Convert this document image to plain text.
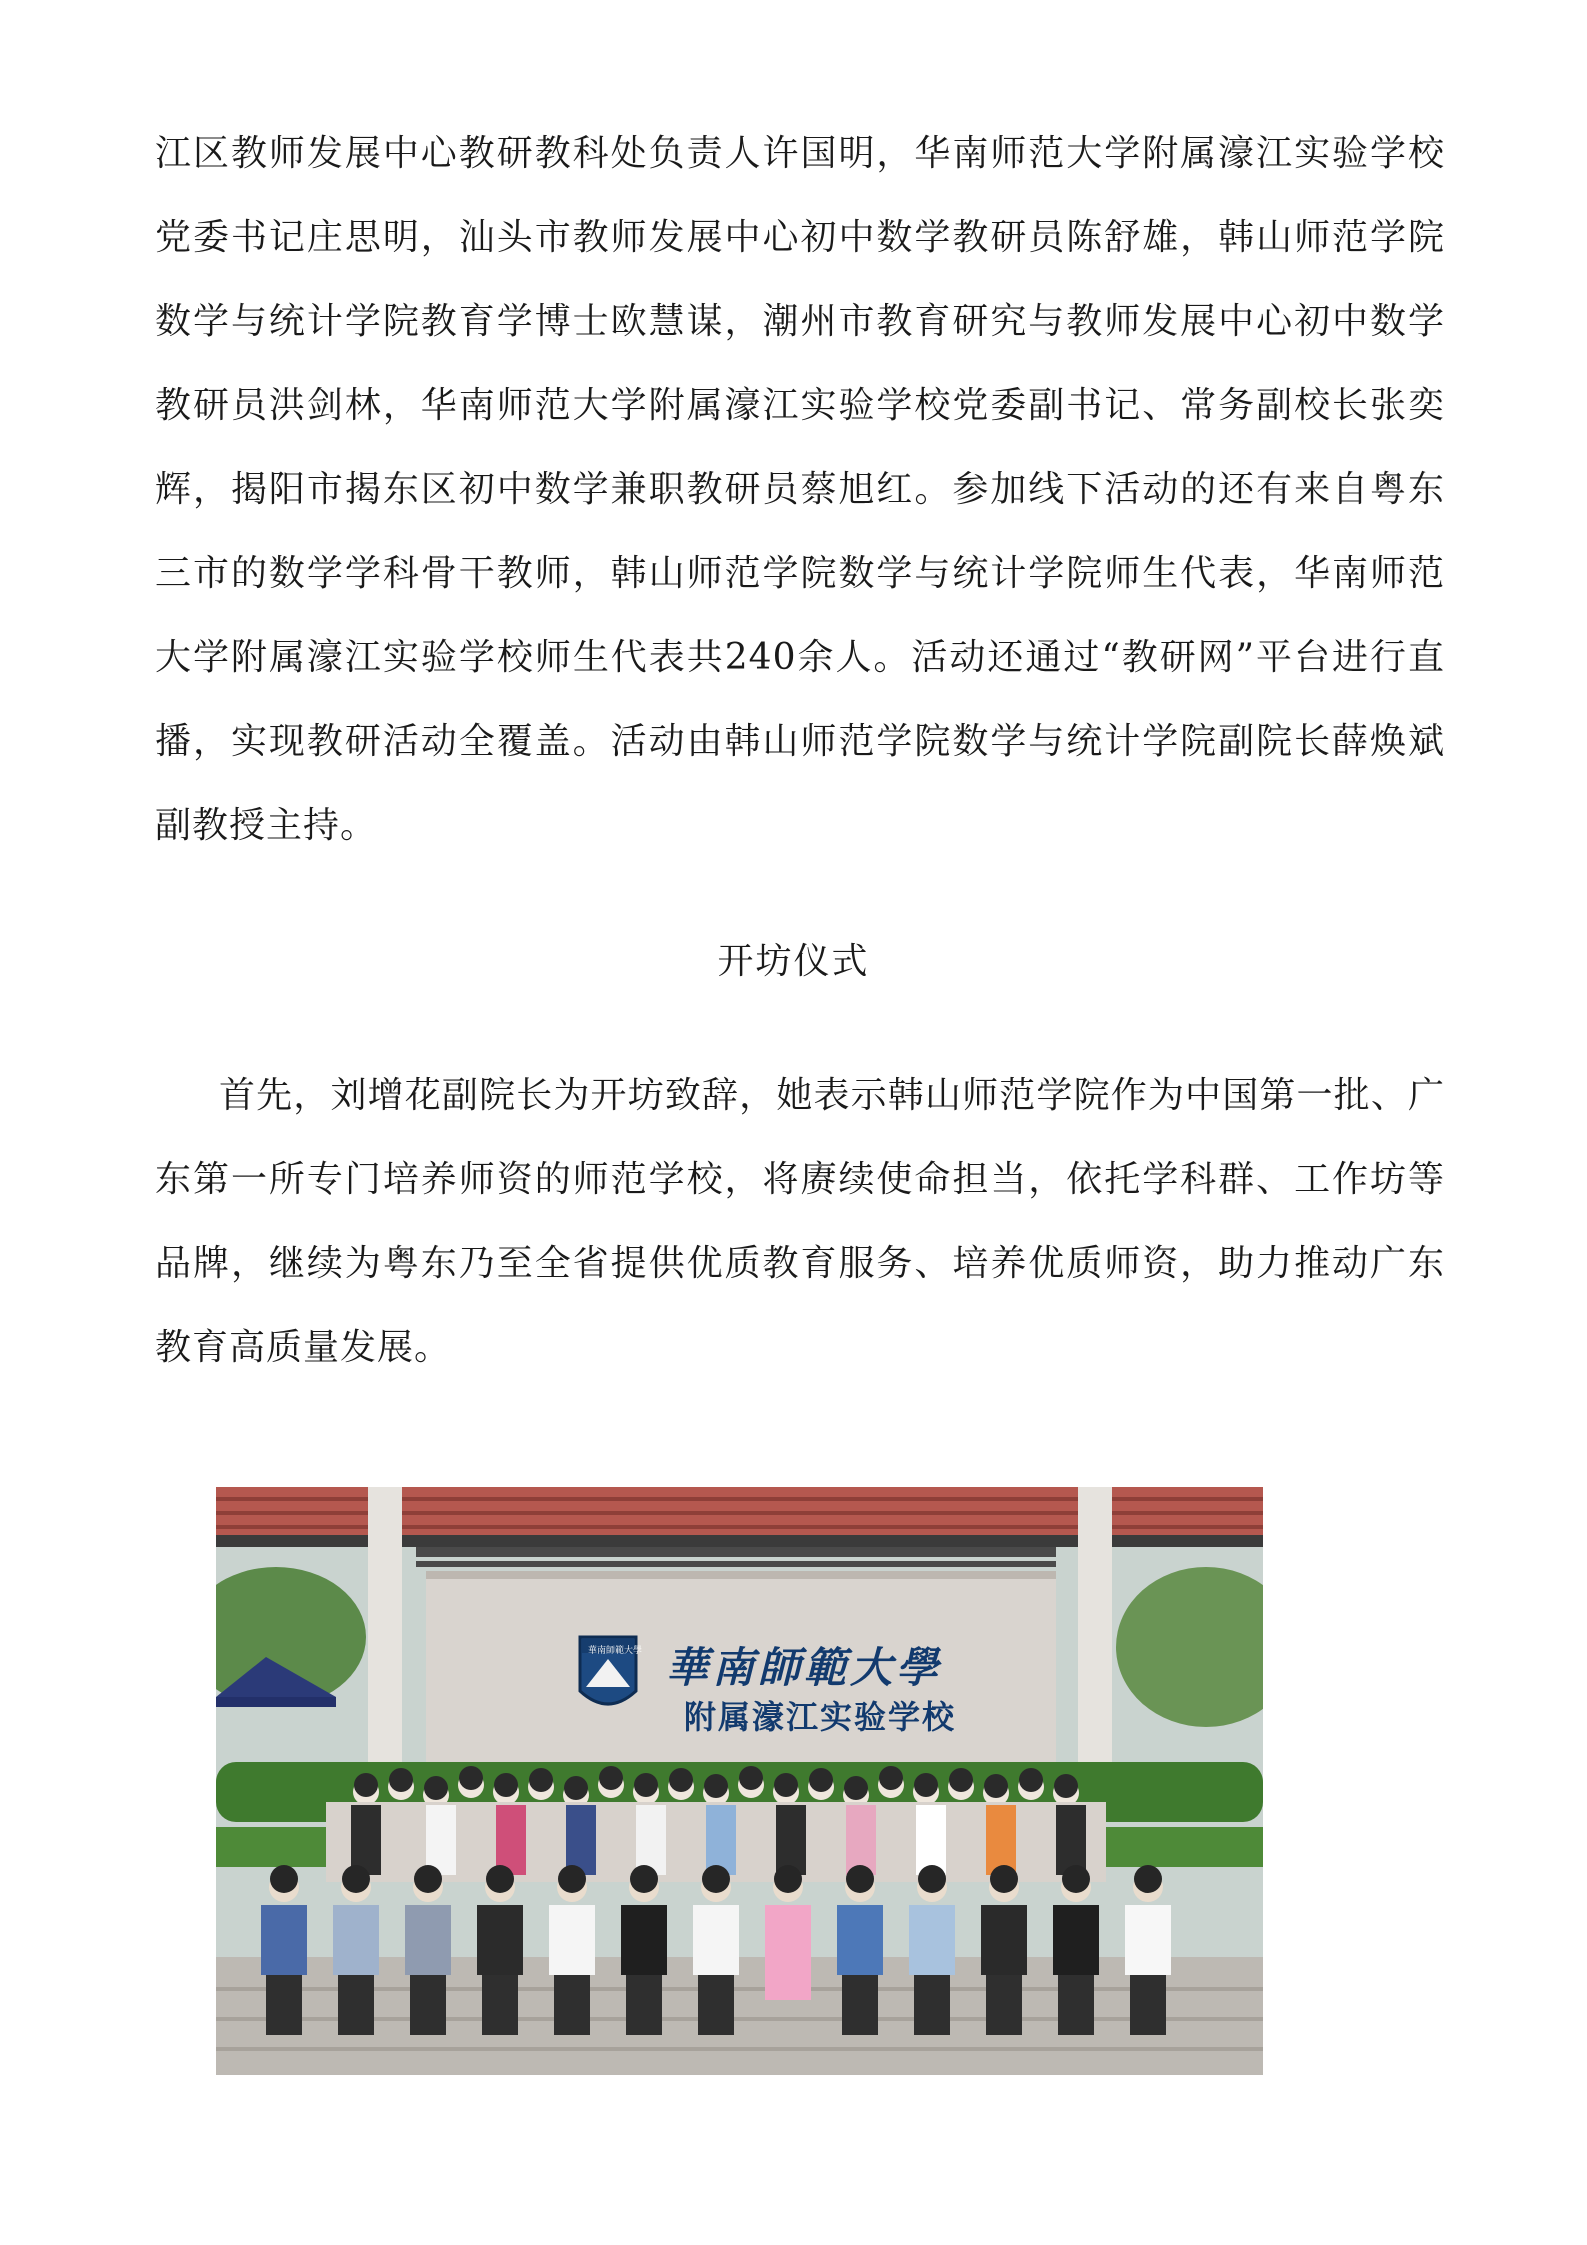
江区教师发展中心教研教科处负责人许国明，华南师范大学附属濠江实验学校党委书记庄思明，汕头市教师发展中心初中数学教研员陈舒雄，韩山师范学院数学与统计学院教育学博士欧慧谋，潮州市教育研究与教师发展中心初中数学教研员洪剑林，华南师范大学附属濠江实验学校党委副书记、常务副校长张奕辉，揭阳市揭东区初中数学兼职教研员蔡旭红。参加线下活动的还有来自粤东三市的数学学科骨干教师，韩山师范学院数学与统计学院师生代表，华南师范大学附属濠江实验学校师生代表共240余人。活动还通过“教研网”平台进行直播，实现教研活动全覆盖。活动由韩山师范学院数学与统计学院副院长薛焕斌副教授主持。

开坊仪式

首先，刘增花副院长为开坊致辞，她表示韩山师范学院作为中国第一批、广东第一所专门培养师资的师范学校，将赓续使命担当，依托学科群、工作坊等品牌，继续为粤东乃至全省提供优质教育服务、培养优质师资，助力推动广东教育高质量发展。

華南師範大學 華南師範大學
附属濠江实验学校
